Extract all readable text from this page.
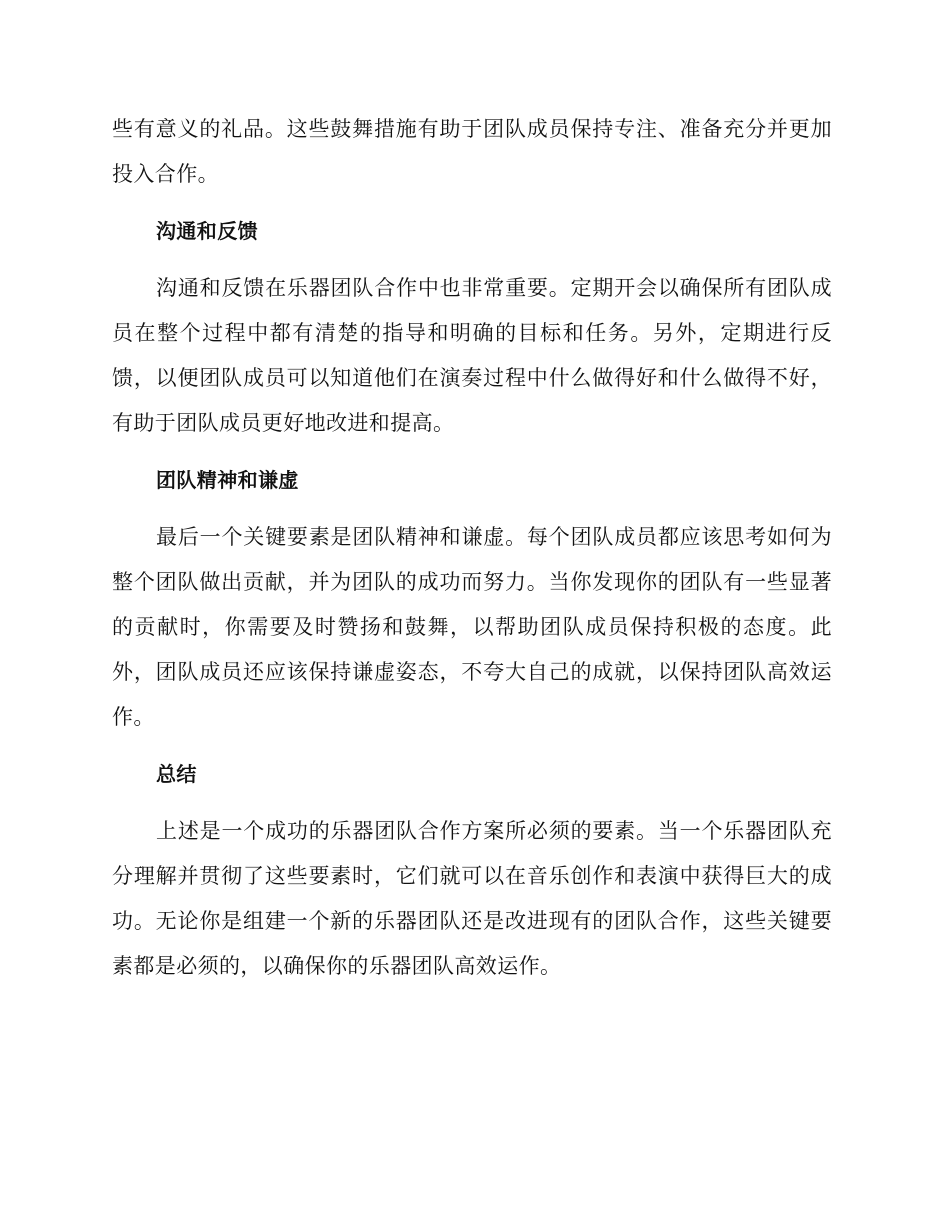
些有意义的礼品。这些鼓舞措施有助于团队成员保持专注、准备充分并更加投入合作。

沟通和反馈

沟通和反馈在乐器团队合作中也非常重要。定期开会以确保所有团队成员在整个过程中都有清楚的指导和明确的目标和任务。另外，定期进行反馈，以便团队成员可以知道他们在演奏过程中什么做得好和什么做得不好，有助于团队成员更好地改进和提高。

团队精神和谦虚

最后一个关键要素是团队精神和谦虚。每个团队成员都应该思考如何为整个团队做出贡献，并为团队的成功而努力。当你发现你的团队有一些显著的贡献时，你需要及时赞扬和鼓舞，以帮助团队成员保持积极的态度。此外，团队成员还应该保持谦虚姿态，不夸大自己的成就，以保持团队高效运作。

总结

上述是一个成功的乐器团队合作方案所必须的要素。当一个乐器团队充分理解并贯彻了这些要素时，它们就可以在音乐创作和表演中获得巨大的成功。无论你是组建一个新的乐器团队还是改进现有的团队合作，这些关键要素都是必须的，以确保你的乐器团队高效运作。
